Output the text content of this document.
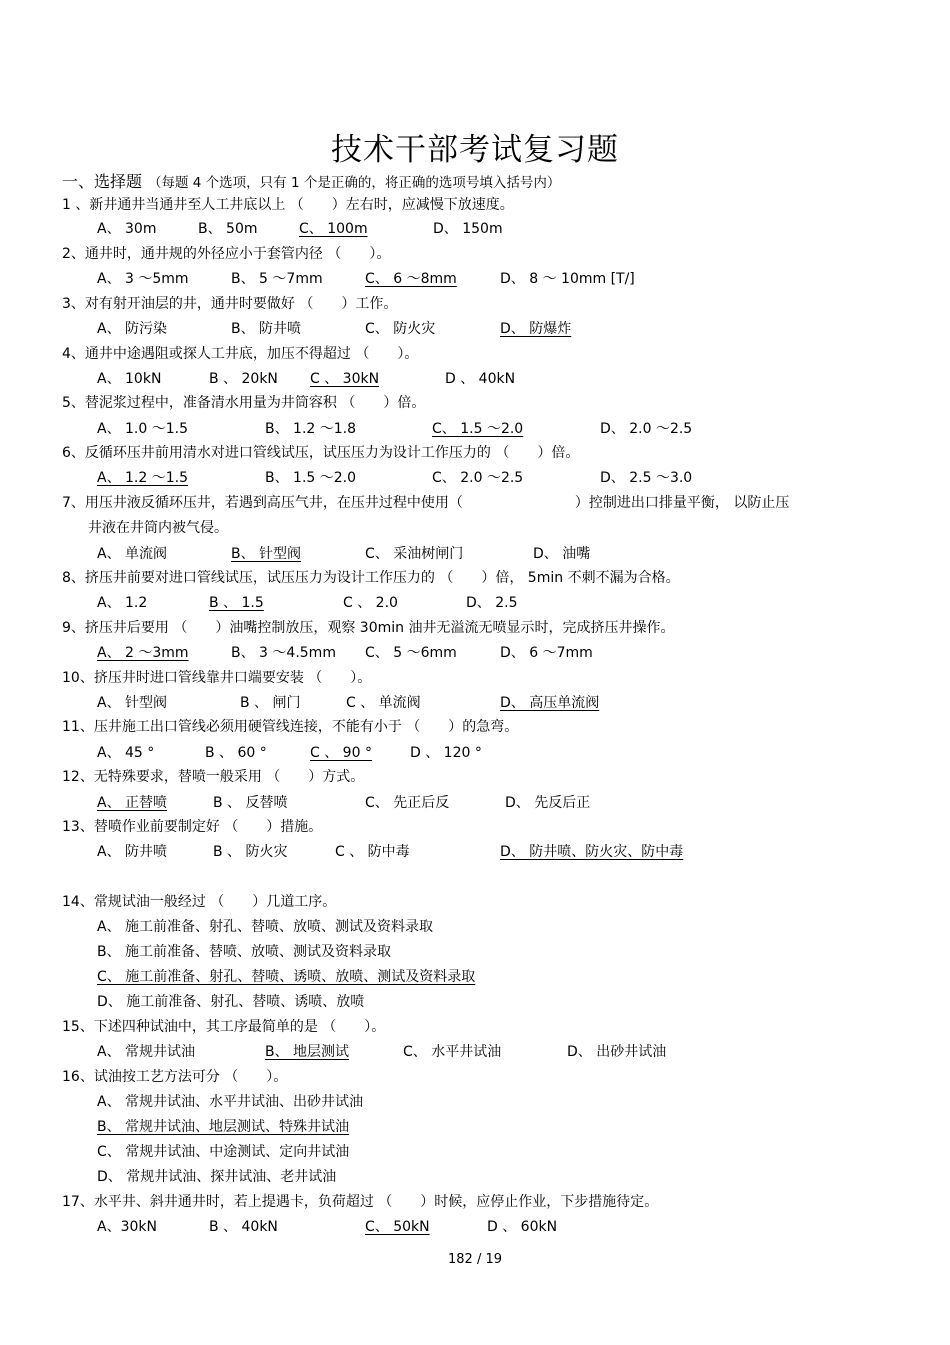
技术干部考试复习题
一、选择题 （每题 4 个选项，只有 1 个是正确的，将正确的选项号填入括号内）
1 、新井通井当通井至人工井底以上 （　　）左右时，应减慢下放速度。
A、 30m	B、 50m	C、 100m	D、 150m
2、通井时，通井规的外径应小于套管内径 （　　）。
A、 3 ～5mm	B、 5 ～7mm	C、 6 ～8mm	D、 8 ～ 10mm [T/]
3、对有射开油层的井，通井时要做好 （　　）工作。
A、 防污染	B、 防井喷	C、 防火灾	D、 防爆炸
4、通井中途遇阻或探人工井底，加压不得超过 （　　）。
A、 10kN	B 、 20kN C 、 30kN	D 、 40kN
5、替泥浆过程中，准备清水用量为井筒容积 （　　）倍。
A、 1.0 ～1.5	B、 1.2 ～1.8	C、 1.5 ～2.0	D、 2.0 ～2.5
6、反循环压井前用清水对进口管线试压，试压压力为设计工作压力的 （　　）倍。
A、 1.2 ～1.5	B、 1.5 ～2.0	C、 2.0 ～2.5	D、 2.5 ～3.0
7、用压井液反循环压井，若遇到高压气井，在压井过程中使用（　　　　　　　　）控制进出口排量平衡， 以防止压
井液在井筒内被气侵。
A、 单流阀	B、 针型阀	C、 采油树闸门	D、 油嘴
8、挤压井前要对进口管线试压，试压压力为设计工作压力的 （　　）倍， 5min 不刺不漏为合格。
A、 1.2	B 、 1.5	C 、 2.0	D、 2.5
9、挤压井后要用 （　　）油嘴控制放压，观察 30min 油井无溢流无喷显示时，完成挤压井操作。
A、 2 ～3mm	B、 3 ～4.5mm C、 5 ～6mm	D、 6 ～7mm
10、挤压井时进口管线靠井口端要安装 （　　）。
A、 针型阀	B 、 闸门	C 、 单流阀	D、 高压单流阀
11、压井施工出口管线必须用硬管线连接，不能有小于 （　　）的急弯。
A、 45 °	B 、 60 °	C 、 90 °	D 、 120 °
12、无特殊要求，替喷一般采用 （　　）方式。
A、 正替喷	B 、 反替喷	C、 先正后反	D、 先反后正
13、替喷作业前要制定好 （　　）措施。
A、 防井喷	B 、 防火灾	C 、 防中毒	D、 防井喷、防火灾、防中毒
14、常规试油一般经过 （　　）几道工序。
A、 施工前准备、射孔、替喷、放喷、测试及资料录取
B、 施工前准备、替喷、放喷、测试及资料录取
C、 施工前准备、射孔、替喷、诱喷、放喷、测试及资料录取
D、 施工前准备、射孔、替喷、诱喷、放喷
15、下述四种试油中，其工序最简单的是 （　　）。
A、 常规井试油	B、 地层测试	C、 水平井试油	D、 出砂井试油
16、试油按工艺方法可分 （　　）。
A、 常规井试油、水平井试油、出砂井试油
B、 常规井试油、地层测试、特殊井试油
C、 常规井试油、中途测试、定向井试油
D、 常规井试油、探井试油、老井试油
17、水平井、斜井通井时，若上提遇卡，负荷超过 （　　）时候，应停止作业，下步措施待定。
A、30kN	B 、 40kN	C、 50kN	D 、 60kN
182 / 19
